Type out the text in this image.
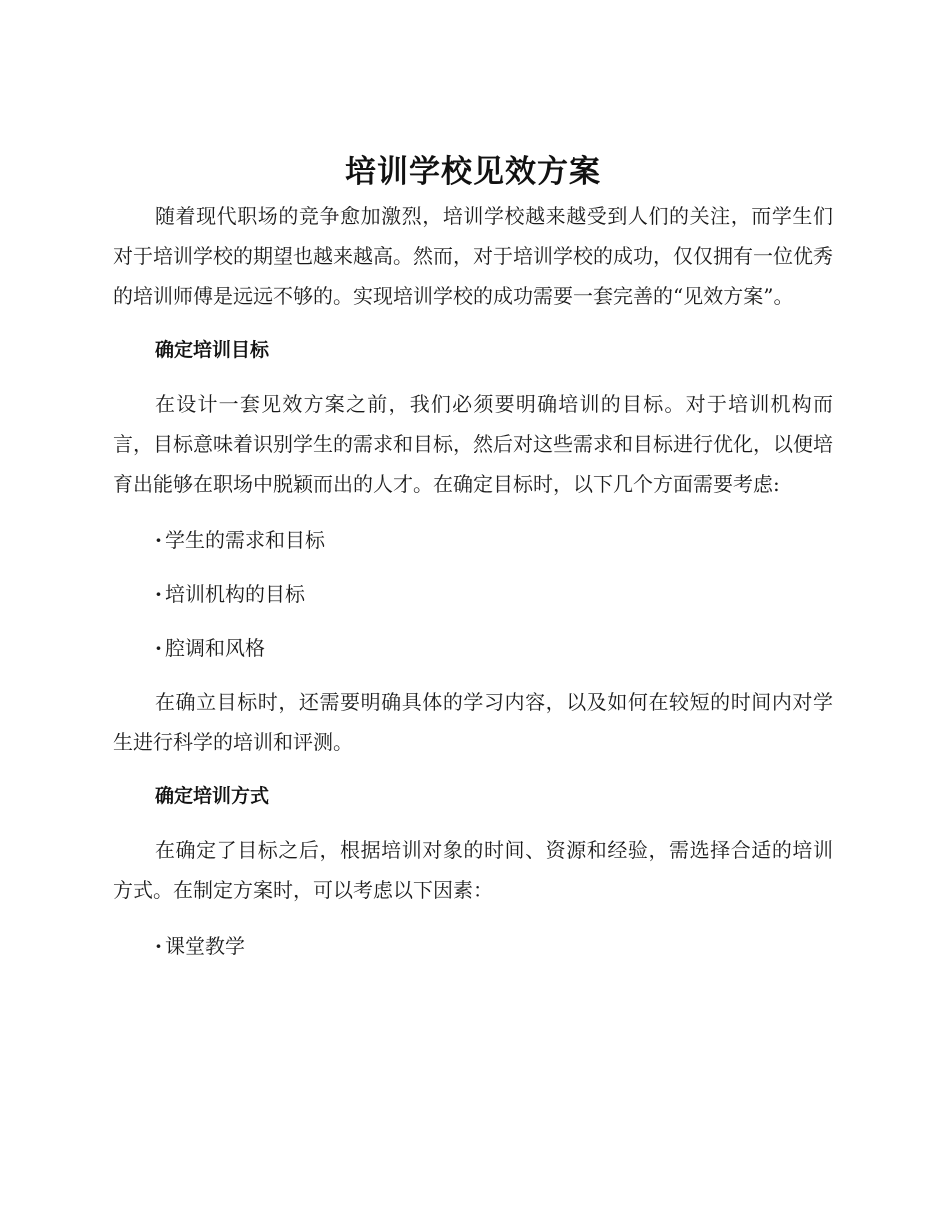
培训学校见效方案

随着现代职场的竞争愈加激烈，培训学校越来越受到人们的关注，而学生们对于培训学校的期望也越来越高。然而，对于培训学校的成功，仅仅拥有一位优秀的培训师傅是远远不够的。实现培训学校的成功需要一套完善的“见效方案”。

确定培训目标

在设计一套见效方案之前，我们必须要明确培训的目标。对于培训机构而言，目标意味着识别学生的需求和目标，然后对这些需求和目标进行优化，以便培育出能够在职场中脱颖而出的人才。在确定目标时，以下几个方面需要考虑:

· 学生的需求和目标

· 培训机构的目标

· 腔调和风格

在确立目标时，还需要明确具体的学习内容，以及如何在较短的时间内对学生进行科学的培训和评测。

确定培训方式

在确定了目标之后，根据培训对象的时间、资源和经验，需选择合适的培训方式。在制定方案时，可以考虑以下因素：

· 课堂教学
